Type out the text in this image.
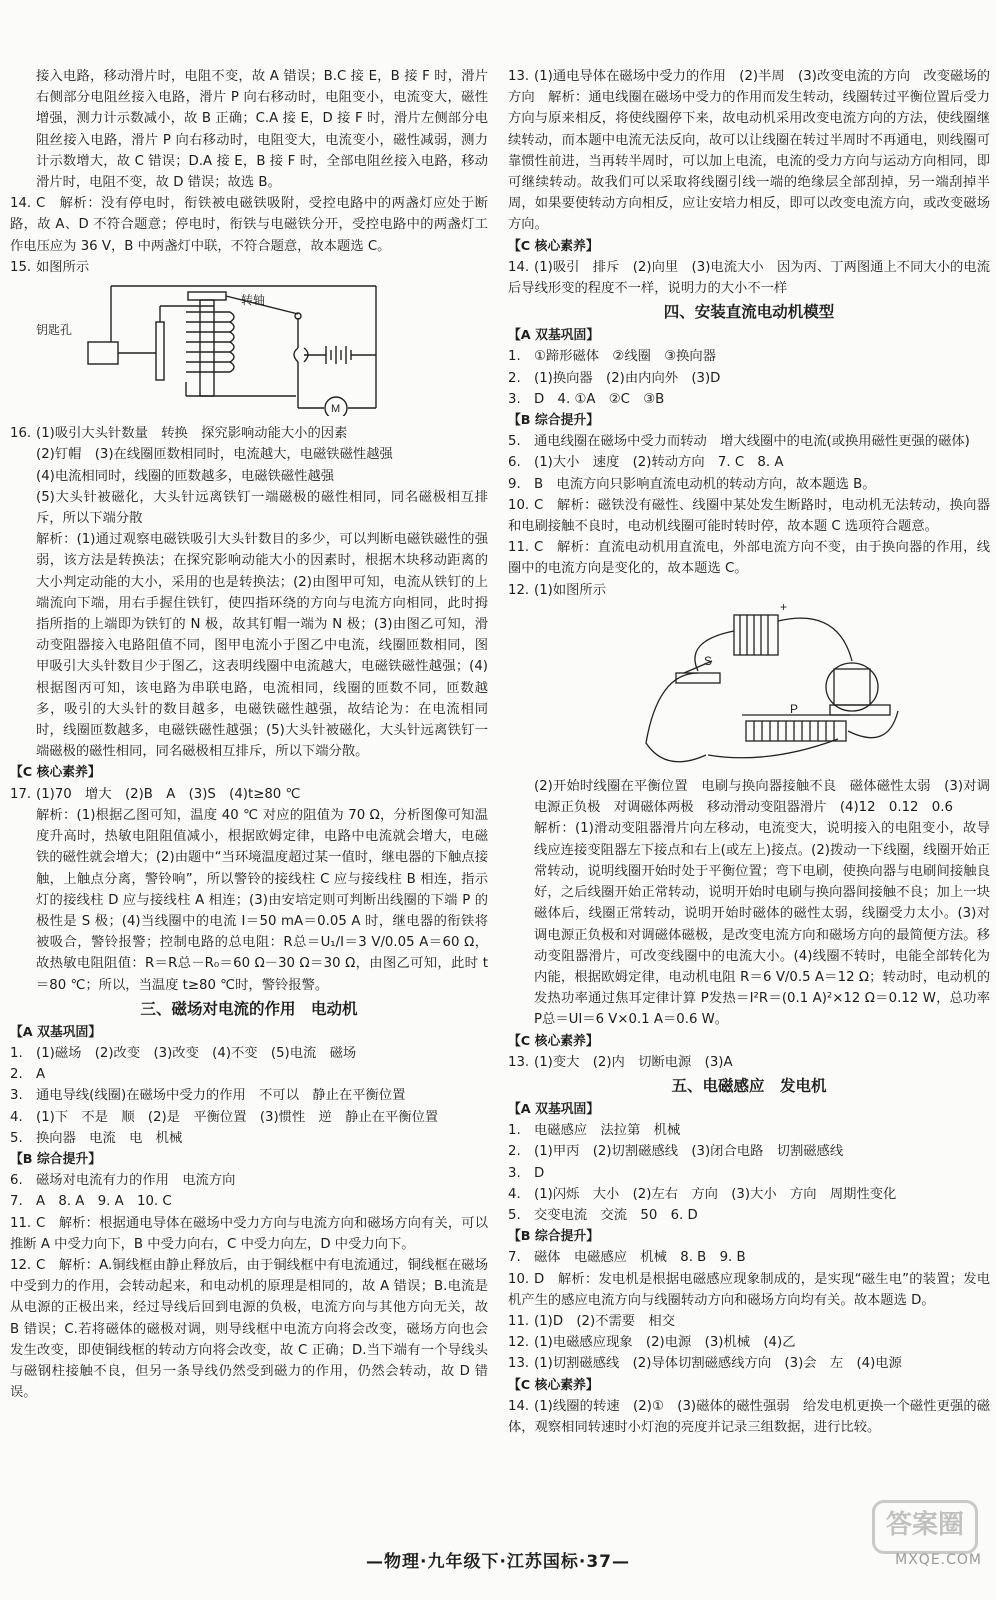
接入电路，移动滑片时，电阻不变，故 A 错误；B.C 接 E，B 接 F 时，滑片右侧部分电阻丝接入电路，滑片 P 向右移动时，电阻变小，电流变大，磁性增强，测力计示数减小，故 B 正确；C.A 接 E，D 接 F 时，滑片左侧部分电阻丝接入电路，滑片 P 向右移动时，电阻变大，电流变小，磁性减弱，测力计示数增大，故 C 错误；D.A 接 E，B 接 F 时，全部电阻丝接入电路，移动滑片时，电阻不变，故 D 错误；故选 B。

14. C　解析：没有停电时，衔铁被电磁铁吸附，受控电路中的两盏灯应处于断路，故 A、D 不符合题意；停电时，衔铁与电磁铁分开，受控电路中的两盏灯工作电压应为 36 V，B 中两盏灯中联，不符合题意，故本题选 C。

15. 如图所示

转轴
钥匙孔
M

16. (1)吸引大头针数量　转换　探究影响动能大小的因素

(2)钉帽　(3)在线圈匝数相同时，电流越大，电磁铁磁性越强

(4)电流相同时，线圈的匝数越多，电磁铁磁性越强

(5)大头针被磁化，大头针远离铁钉一端磁极的磁性相同，同名磁极相互排斥，所以下端分散

解析：(1)通过观察电磁铁吸引大头针数目的多少，可以判断电磁铁磁性的强弱，该方法是转换法；在探究影响动能大小的因素时，根据木块移动距离的大小判定动能的大小，采用的也是转换法；(2)由图甲可知，电流从铁钉的上端流向下端，用右手握住铁钉，使四指环绕的方向与电流方向相同，此时拇指所指的上端即为铁钉的 N 极，故其钉帽一端为 N 极；(3)由图乙可知，滑动变阻器接入电路阻值不同，图甲电流小于图乙中电流，线圈匝数相同，图甲吸引大头针数目少于图乙，这表明线圈中电流越大，电磁铁磁性越强；(4)根据图丙可知，该电路为串联电路，电流相同，线圈的匝数不同，匝数越多，吸引的大头针的数目越多，电磁铁磁性越强，故结论为：在电流相同时，线圈匝数越多，电磁铁磁性越强；(5)大头针被磁化，大头针远离铁钉一端磁极的磁性相同，同名磁极相互排斥，所以下端分散。

【C 核心素养】

17. (1)70　增大　(2)B　A　(3)S　(4)t≥80 ℃

解析：(1)根据乙图可知，温度 40 ℃ 对应的阻值为 70 Ω，分析图像可知温度升高时，热敏电阻阻值减小，根据欧姆定律，电路中电流就会增大，电磁铁的磁性就会增大；(2)由题中“当环境温度超过某一值时，继电器的下触点接触，上触点分离，警铃响”，所以警铃的接线柱 C 应与接线柱 B 相连，指示灯的接线柱 D 应与接线柱 A 相连；(3)由安培定则可判断出线圈的下端 P 的极性是 S 极；(4)当线圈中的电流 I＝50 mA＝0.05 A 时，继电器的衔铁将被吸合，警铃报警；控制电路的总电阻：R总＝U₁/I＝3 V/0.05 A＝60 Ω，故热敏电阻阻值：R＝R总－R₀＝60 Ω－30 Ω＝30 Ω，由图乙可知，此时 t＝80 ℃；所以，当温度 t≥80 ℃时，警铃报警。

三、磁场对电流的作用　电动机

【A 双基巩固】

1. (1)磁场　(2)改变　(3)改变　(4)不变　(5)电流　磁场

2. A

3. 通电导线(线圈)在磁场中受力的作用　不可以　静止在平衡位置

4. (1)下　不是　顺　(2)是　平衡位置　(3)惯性　逆　静止在平衡位置

5. 换向器　电流　电　机械

【B 综合提升】

6. 磁场对电流有力的作用　电流方向

7. A　8. A　9. A　10. C

11. C　解析：根据通电导体在磁场中受力方向与电流方向和磁场方向有关，可以推断 A 中受力向下，B 中受力向右，C 中受力向左，D 中受力向下。

12. C　解析：A.铜线框由静止释放后，由于铜线框中有电流通过，铜线框在磁场中受到力的作用，会转动起来，和电动机的原理是相同的，故 A 错误；B.电流是从电源的正极出来，经过导线后回到电源的负极，电流方向与其他方向无关，故 B 错误；C.若将磁体的磁极对调，则导线框中电流方向将会改变，磁场方向也会发生改变，即使铜线框的转动方向将会改变，故 C 正确；D.当下端有一个导线头与磁钢柱接触不良，但另一条导线仍然受到磁力的作用，仍然会转动，故 D 错误。

13. (1)通电导体在磁场中受力的作用　(2)半周　(3)改变电流的方向　改变磁场的方向　解析：通电线圈在磁场中受力的作用而发生转动，线圈转过平衡位置后受力方向与原来相反，将使线圈停下来，故电动机采用改变电流方向的方法，使线圈继续转动，而本题中电流无法反向，故可以让线圈在转过半周时不再通电，则线圈可靠惯性前进，当再转半周时，可以加上电流，电流的受力方向与运动方向相同，即可继续转动。故我们可以采取将线圈引线一端的绝缘层全部刮掉，另一端刮掉半周，如果要使转动方向相反，应让安培力相反，即可以改变电流方向，或改变磁场方向。

【C 核心素养】

14. (1)吸引　排斥　(2)向里　(3)电流大小　因为丙、丁两图通上不同大小的电流后导线形变的程度不一样，说明力的大小不一样

四、安装直流电动机模型

【A 双基巩固】

1. ①蹄形磁体　②线圈　③换向器

2. (1)换向器　(2)由内向外　(3)D

3. D　4. ①A　②C　③B

【B 综合提升】

5. 通电线圈在磁场中受力而转动　增大线圈中的电流(或换用磁性更强的磁体)

6. (1)大小　速度　(2)转动方向　7. C　8. A

9. B　电流方向只影响直流电动机的转动方向，故本题选 B。

10. C　解析：磁铁没有磁性、线圈中某处发生断路时，电动机无法转动，换向器和电刷接触不良时，电动机线圈可能时转时停，故本题 C 选项符合题意。

11. C　解析：直流电动机用直流电，外部电流方向不变，由于换向器的作用，线圈中的电流方向是变化的，故本题选 C。

12. (1)如图所示

S
P
+

(2)开始时线圈在平衡位置　电刷与换向器接触不良　磁体磁性太弱　(3)对调电源正负极　对调磁体两极　移动滑动变阻器滑片　(4)12　0.12　0.6

解析：(1)滑动变阻器滑片向左移动，电流变大，说明接入的电阻变小，故导线应连接变阻器左下接点和右上(或左上)接点。(2)拨动一下线圈，线圈开始正常转动，说明线圈开始时处于平衡位置；弯下电刷，使换向器与电刷间接触良好，之后线圈开始正常转动，说明开始时电刷与换向器间接触不良；加上一块磁体后，线圈正常转动，说明开始时磁体的磁性太弱，线圈受力太小。(3)对调电源正负极和对调磁体磁极，是改变电流方向和磁场方向的最简便方法。移动变阻器滑片，可改变线圈中的电流大小。(4)线圈不转时，电能全部转化为内能，根据欧姆定律，电动机电阻 R＝6 V/0.5 A＝12 Ω；转动时，电动机的发热功率通过焦耳定律计算 P发热＝I²R＝(0.1 A)²×12 Ω＝0.12 W，总功率 P总＝UI＝6 V×0.1 A＝0.6 W。

【C 核心素养】

13. (1)变大　(2)内　切断电源　(3)A

五、电磁感应　发电机

【A 双基巩固】

1. 电磁感应　法拉第　机械

2. (1)甲丙　(2)切割磁感线　(3)闭合电路　切割磁感线

3. D

4. (1)闪烁　大小　(2)左右　方向　(3)大小　方向　周期性变化

5. 交变电流　交流　50　6. D

【B 综合提升】

7. 磁体　电磁感应　机械　8. B　9. B

10. D　解析：发电机是根据电磁感应现象制成的，是实现“磁生电”的装置；发电机产生的感应电流方向与线圈转动方向和磁场方向均有关。故本题选 D。

11. (1)D　(2)不需要　相交

12. (1)电磁感应现象　(2)电源　(3)机械　(4)乙

13. (1)切割磁感线　(2)导体切割磁感线方向　(3)会　左　(4)电源

【C 核心素养】

14. (1)线圈的转速　(2)①　(3)磁体的磁性强弱　给发电机更换一个磁性更强的磁体，观察相同转速时小灯泡的亮度并记录三组数据，进行比较。

—物理·九年级下·江苏国标·37—
答案圈
MXQE.COM
